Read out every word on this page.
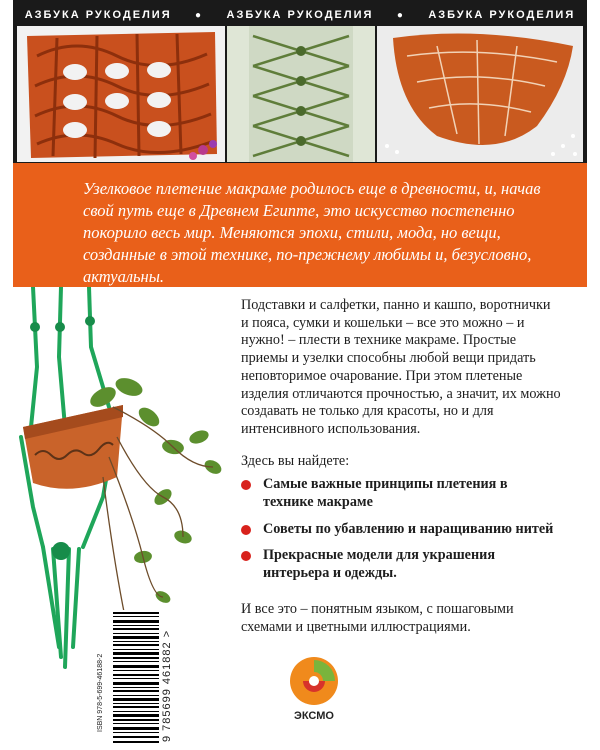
АЗБУКА РУКОДЕЛИЯ ● АЗБУКА РУКОДЕЛИЯ ● АЗБУКА РУКОДЕЛИЯ

Узелковое плетение макраме родилось еще в древности, и, начав свой путь еще в Древнем Египте, это искусство постепенно покорило весь мир. Меняются эпохи, стили, мода, но вещи, созданные в этой технике, по-прежнему любимы и, безусловно, актуальны.

Подставки и салфетки, панно и кашпо, воротнички и пояса, сумки и кошельки – все это можно – и нужно! – плести в технике макраме. Простые приемы и узелки способны любой вещи придать неповторимое очарование. При этом плетеные изделия отличаются прочностью, а значит, их можно создавать не только для красоты, но и для интенсивного использования.

Здесь вы найдете:

Самые важные принципы плетения в технике макраме
Советы по убавлению и наращиванию нитей
Прекрасные модели для украшения интерьера и одежды.

И все это – понятным языком, с пошаговыми схемами и цветными иллюстрациями.

ISBN 978-5-699-46188-2	9 785699 461882 >	ЭКСМО
